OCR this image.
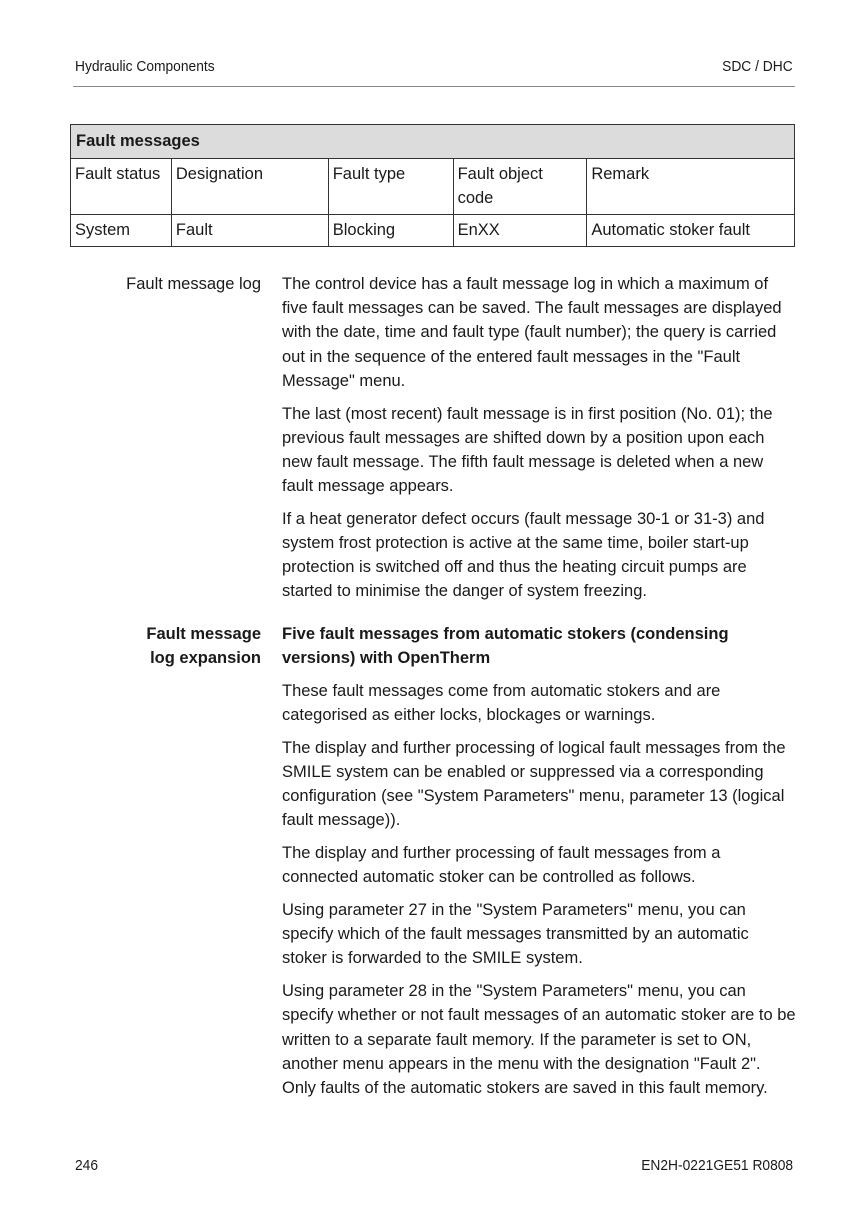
Hydraulic Components	SDC / DHC
Fault messages				
Fault status	Designation	Fault type	Fault object code	Remark
System	Fault	Blocking	EnXX	Automatic stoker fault
Fault message log The control device has a fault message log in which a maximum of five fault messages can be saved. The fault messages are displayed with the date, time and fault type (fault number); the query is carried out in the sequence of the entered fault messages in the "Fault Message" menu.

The last (most recent) fault message is in first position (No. 01); the previous fault messages are shifted down by a position upon each new fault message. The fifth fault message is deleted when a new fault message appears.

If a heat generator defect occurs (fault message 30-1 or 31-3) and system frost protection is active at the same time, boiler start-up protection is switched off and thus the heating circuit pumps are started to minimise the danger of system freezing.

Fault message
log expansion

Five fault messages from automatic stokers (condensing versions) with OpenTherm

These fault messages come from automatic stokers and are categorised as either locks, blockages or warnings.

The display and further processing of logical fault messages from the SMILE system can be enabled or suppressed via a corresponding configuration (see "System Parameters" menu, parameter 13 (logical fault message)).

The display and further processing of fault messages from a connected automatic stoker can be controlled as follows.

Using parameter 27 in the "System Parameters" menu, you can specify which of the fault messages transmitted by an automatic stoker is forwarded to the SMILE system.

Using parameter 28 in the "System Parameters" menu, you can specify whether or not fault messages of an automatic stoker are to be written to a separate fault memory. If the parameter is set to ON, another menu appears in the menu with the designation "Fault 2". Only faults of the automatic stokers are saved in this fault memory.

246	EN2H-0221GE51 R0808
